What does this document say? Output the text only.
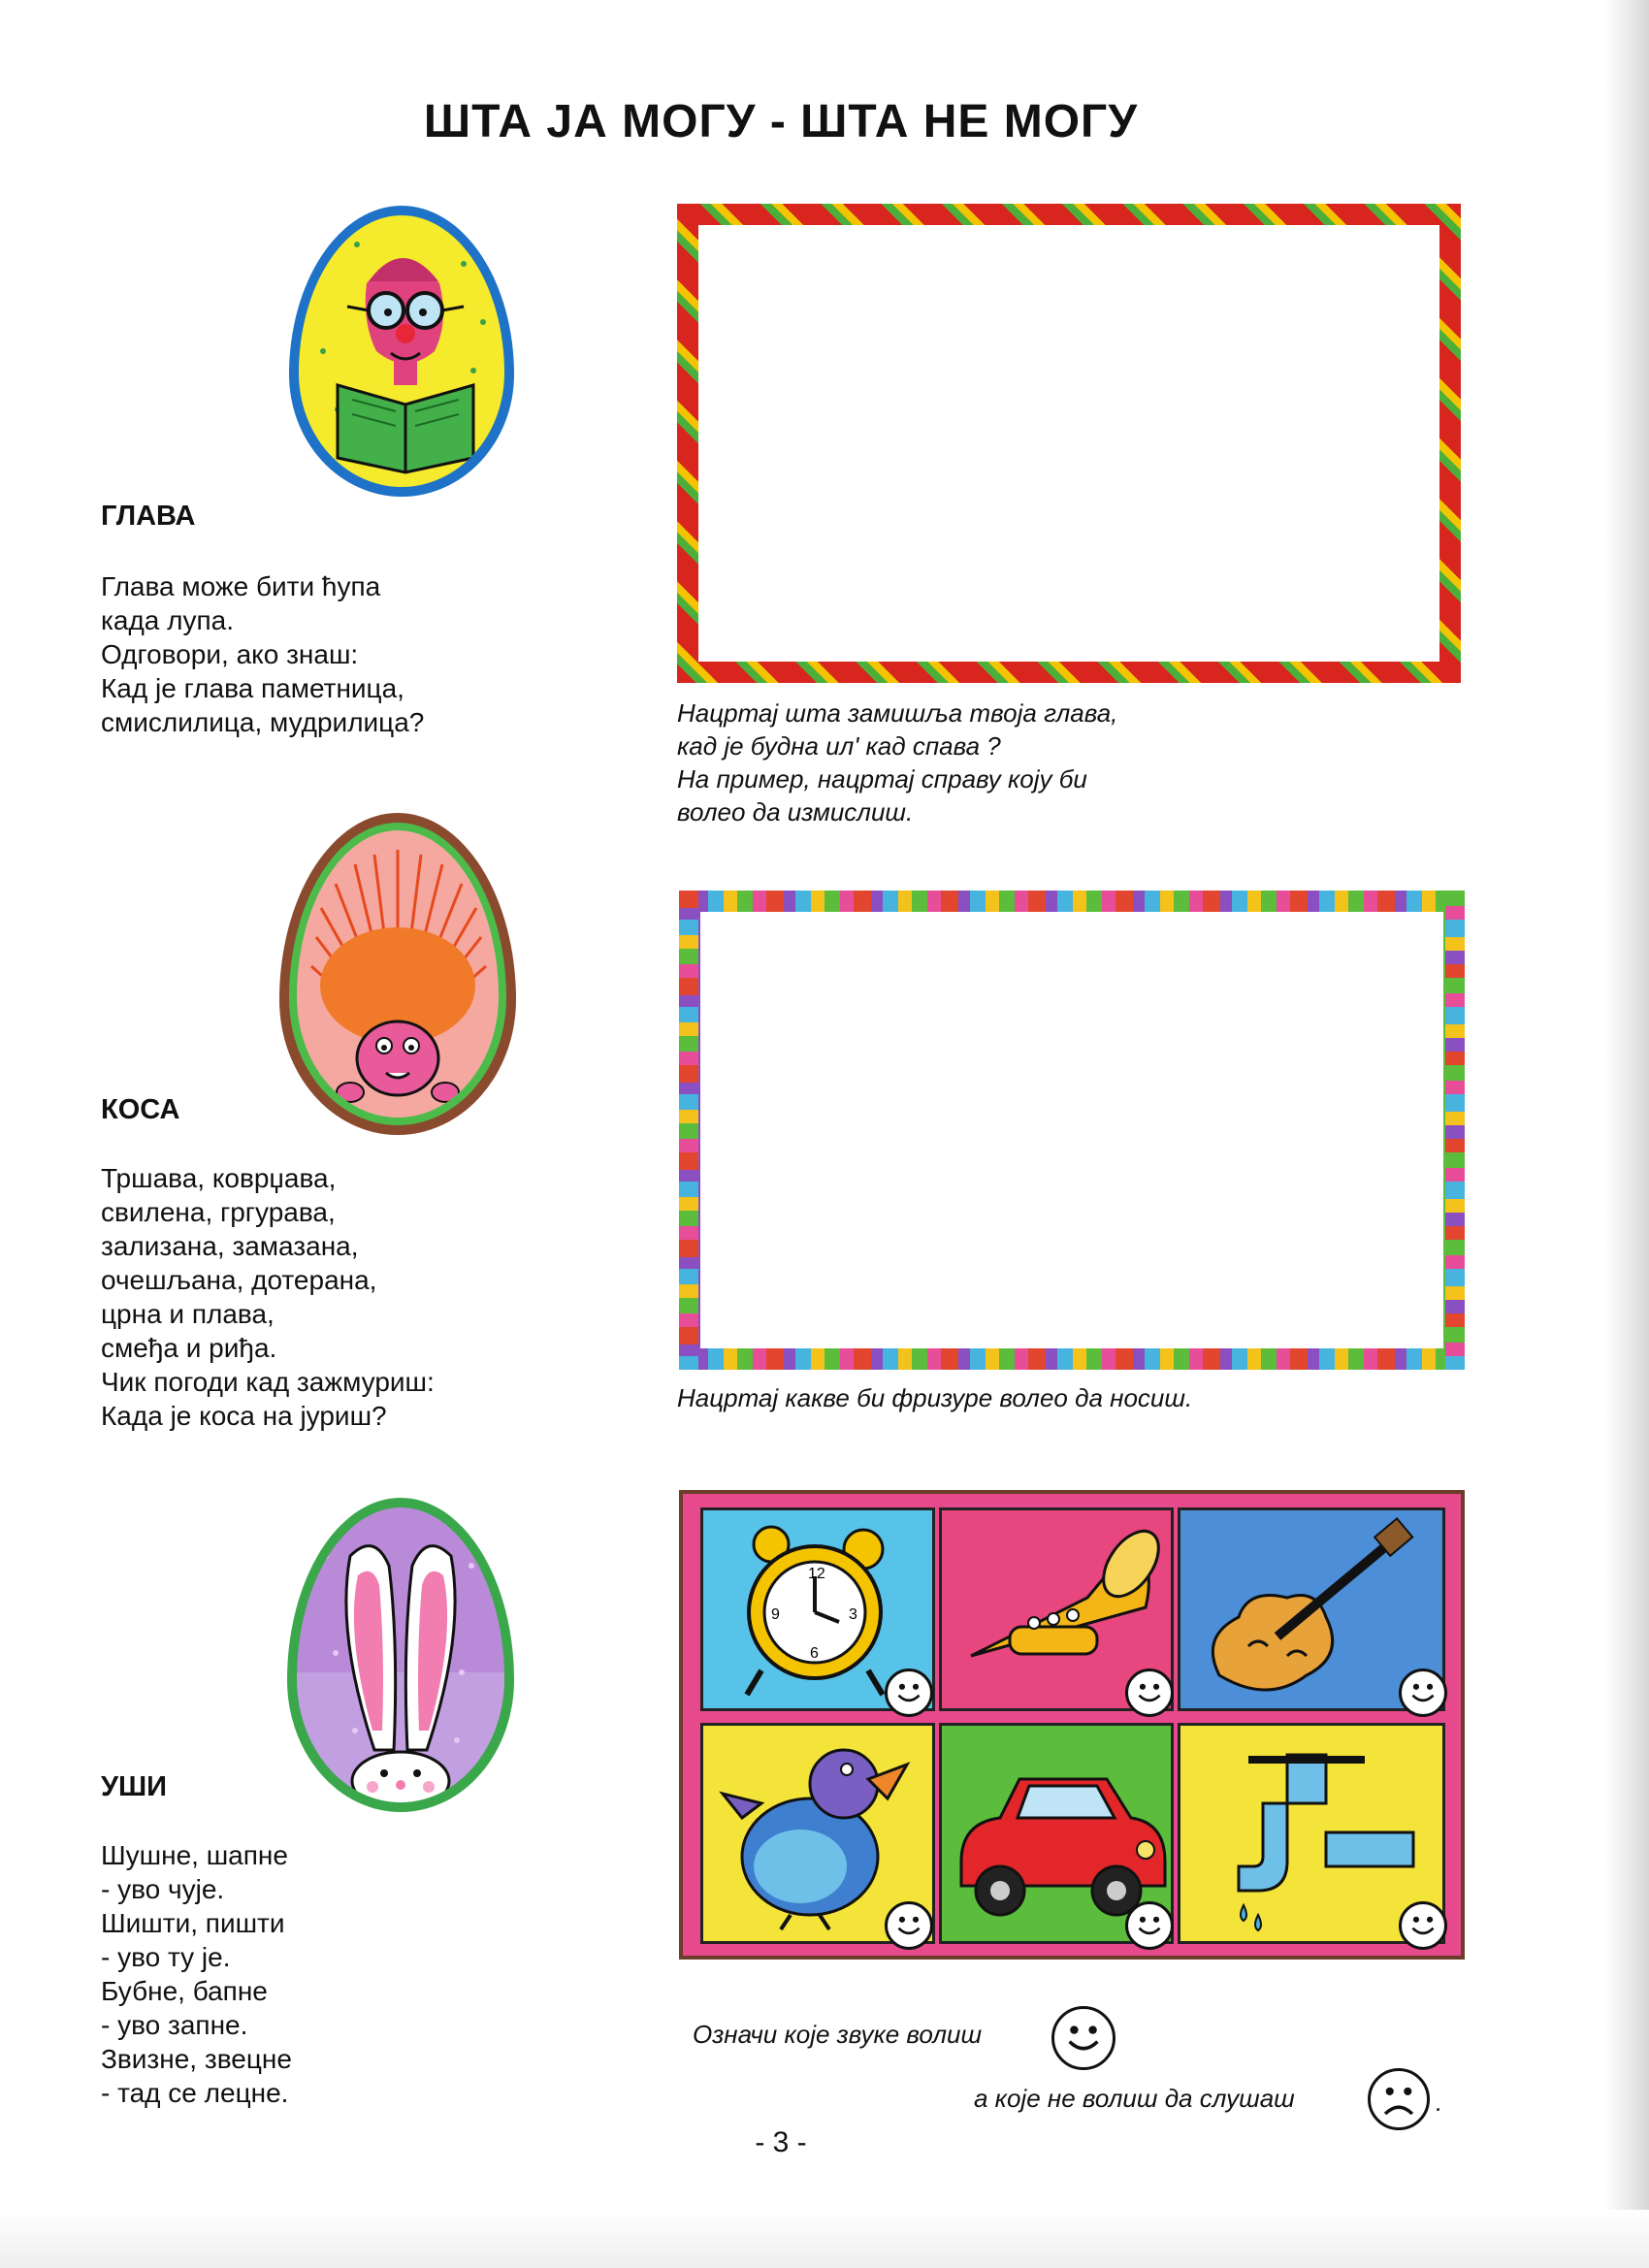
ШТА ЈА МОГУ - ШТА НЕ МОГУ
ГЛАВА
Глава може бити ћупа
када лупа.
Одговори, ако знаш:
Кад је глава паметница,
смислилица, мудрилица?	Нацртај шта замишља твоја глава,
кад је будна ил' кад спава ?
На пример, нацртај справу коју би
волео да измислиш.
КОСА
Тршава, коврџава,
свилена, гргурава,
зализана, замазана,
очешљана, дотерана,
црна и плава,
смеђа и риђа.
Чик погоди кад зажмуриш:
Када је коса на јуриш?
Нацртај какве би фризуре волео да носиш.
УШИ
Шушне, шапне
- уво чује.
Шишти, пишти
- уво ту је.
Бубне, бапне
- уво запне.
Звизне, звецне
- тад се лецне.
12
3
6
9
Означи које звуке волиш
а које не волиш да слушаш	.
- 3 -
